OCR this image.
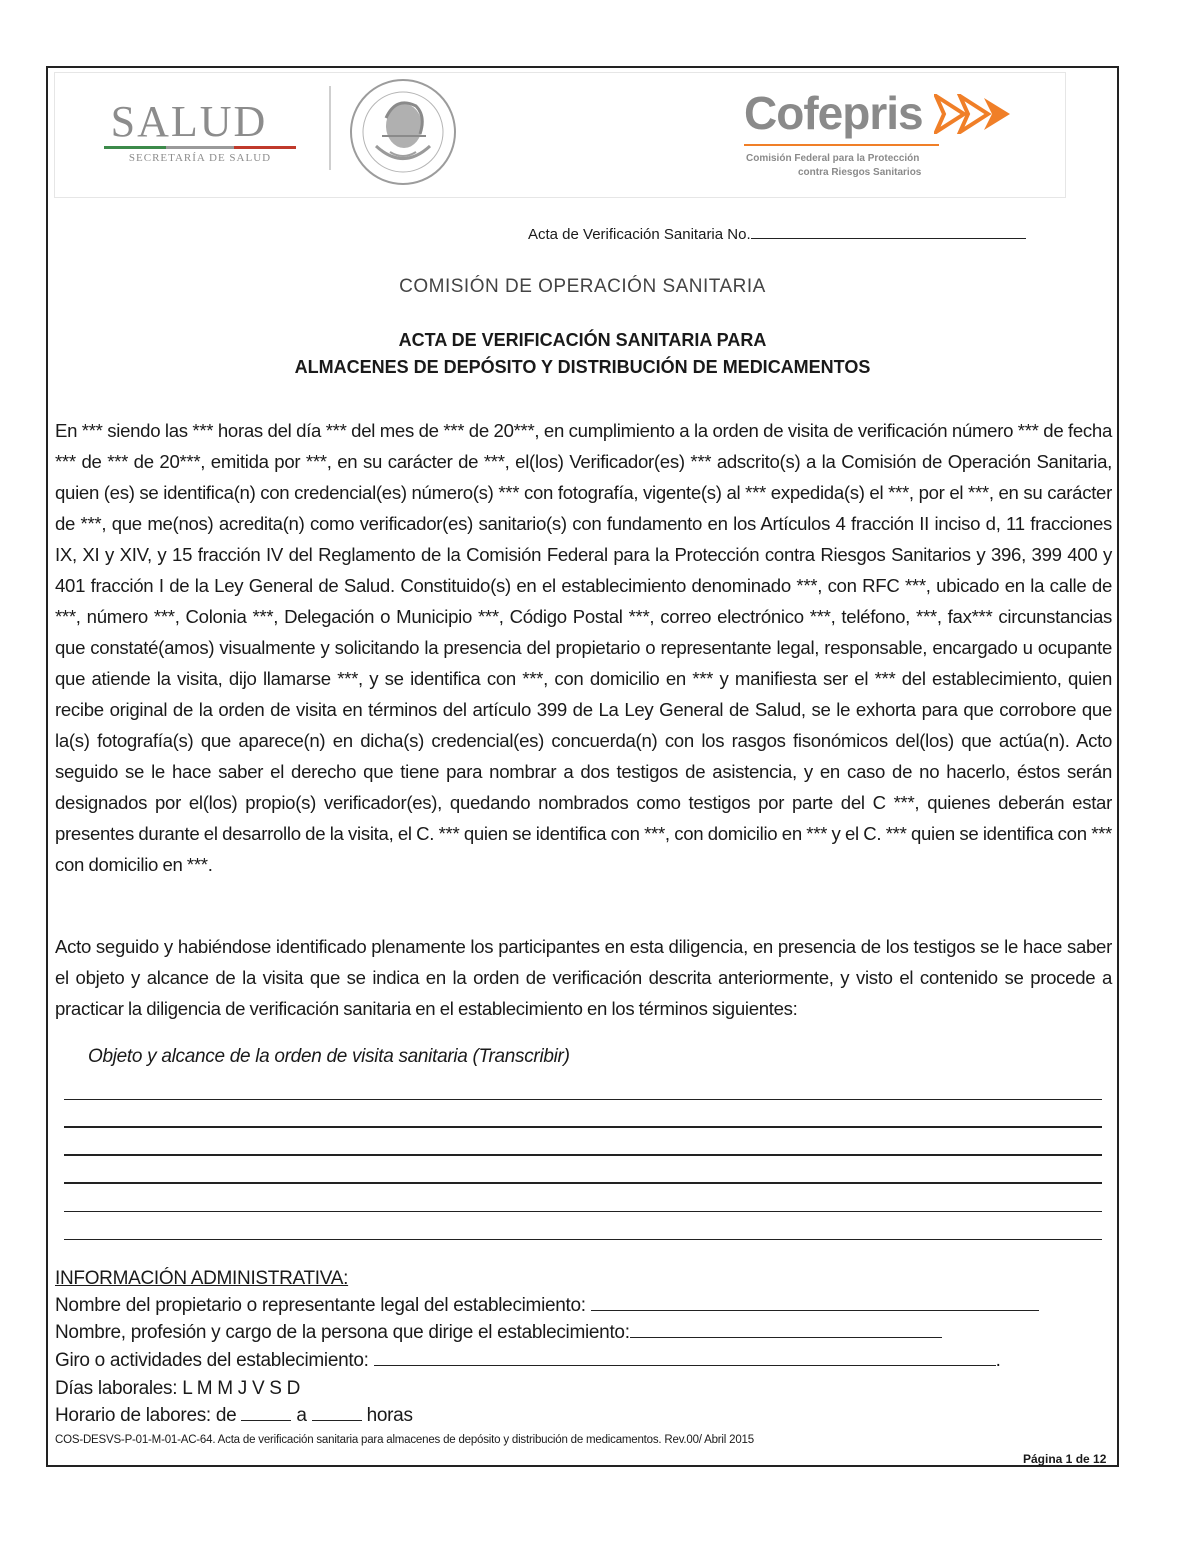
SALUD
SECRETARÍA DE SALUD
Cofepris
Comisión Federal para la Protección
contra Riesgos Sanitarios
Acta de Verificación Sanitaria No.
COMISIÓN DE OPERACIÓN SANITARIA
ACTA DE VERIFICACIÓN SANITARIA PARA
ALMACENES DE DEPÓSITO Y DISTRIBUCIÓN DE MEDICAMENTOS
En *** siendo las *** horas del día *** del mes de *** de 20***, en cumplimiento a la orden de visita de verificación número *** de fecha *** de *** de 20***, emitida por ***, en su carácter de ***, el(los) Verificador(es) *** adscrito(s) a la Comisión de Operación Sanitaria, quien (es) se identifica(n) con credencial(es) número(s) *** con fotografía, vigente(s) al *** expedida(s) el ***, por el ***, en su carácter de ***, que me(nos) acredita(n) como verificador(es) sanitario(s) con fundamento en los Artículos 4 fracción II inciso d, 11 fracciones IX, XI y XIV, y 15 fracción IV del Reglamento de la Comisión Federal para la Protección contra Riesgos Sanitarios y 396, 399 400 y 401 fracción I de la Ley General de Salud. Constituido(s) en el establecimiento denominado ***, con RFC ***, ubicado en la calle de ***, número ***, Colonia ***, Delegación o Municipio ***, Código Postal ***, correo electrónico ***, teléfono, ***, fax*** circunstancias que constaté(amos) visualmente y solicitando la presencia del propietario o representante legal, responsable, encargado u ocupante que atiende la visita, dijo llamarse ***, y se identifica con ***, con domicilio en *** y manifiesta ser el *** del establecimiento, quien recibe original de la orden de visita en términos del artículo 399 de La Ley General de Salud, se le exhorta para que corrobore que la(s) fotografía(s) que aparece(n) en dicha(s) credencial(es) concuerda(n) con los rasgos fisonómicos del(los) que actúa(n). Acto seguido se le hace saber el derecho que tiene para nombrar a dos testigos de asistencia, y en caso de no hacerlo, éstos serán designados por el(los) propio(s) verificador(es), quedando nombrados como testigos por parte del C ***, quienes deberán estar presentes durante el desarrollo de la visita, el C. *** quien se identifica con ***, con domicilio en *** y el C. *** quien se identifica con *** con domicilio en ***.
Acto seguido y habiéndose identificado plenamente los participantes en esta diligencia, en presencia de los testigos se le hace saber el objeto y alcance de la visita que se indica en la orden de verificación descrita anteriormente, y visto el contenido se procede a practicar la diligencia de verificación sanitaria en el establecimiento en los términos siguientes:
Objeto y alcance de la orden de visita sanitaria (Transcribir)
INFORMACIÓN ADMINISTRATIVA:
Nombre del propietario o representante legal del establecimiento:
Nombre, profesión y cargo de la persona que dirige el establecimiento:
Giro o actividades del establecimiento:	.
Días laborales: L M M J V S D
Horario de labores: de	a	horas
COS-DESVS-P-01-M-01-AC-64. Acta de verificación sanitaria para almacenes de depósito y distribución de medicamentos. Rev.00/ Abril 2015
Página 1 de 12
